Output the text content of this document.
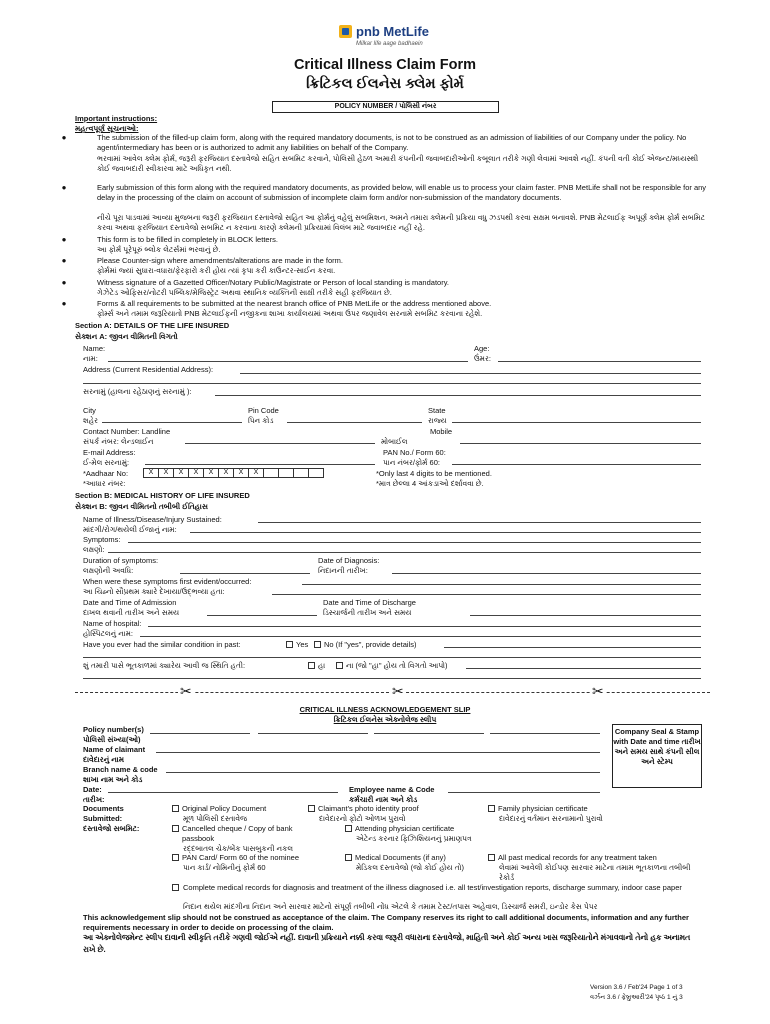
pnb MetLife
Milkar life aage badhaein
Critical Illness Claim Form
ક્રિટિકલ ઈલનેસ ક્લેમ ફોર્મ
POLICY NUMBER / પોલિસી નંબર
Important instructions:
મહત્વપૂર્ણ સૂચનાઓ:
●	The submission of the filled-up claim form, along with the required mandatory documents, is not to be construed as an admission of liabilities of our Company under the policy. No agent/intermediary has been or is authorized to admit any liabilities on behalf of the Company.
ભરવામાં આવેલ ક્લેમ ફોર્મ, જરૂરી ફરજિયાત દસ્તાવેજો સહિત સબમિટ કરવાને, પોલિસી હેઠળ અમારી કંપનીની જવાબદારીઓની કબૂલાત તરીકે ગણી લેવામાં આવશે નહીં. કંપની વતી કોઈ એજન્ટ/મધ્યસ્થી કોઈ જવાબદારી સ્વીકારવા માટે અધિકૃત નથી.
●	Early submission of this form along with the required mandatory documents, as provided below, will enable us to process your claim faster. PNB MetLife shall not be responsible for any delay in the processing of the claim on account of submission of incomplete claim form and/or non-submission of the mandatory documents.
નીચે પૂરા પાડવામાં આવ્યા મુજબના જરૂરી ફરજિયાત દસ્તાવેજો સહિત આ ફોર્મનું વહેલું સબમિશન, અમને તમારા ક્લેમની પ્રક્રિયા વધુ ઝડપથી કરવા સક્ષમ બનાવશે. PNB મેટલાઈફ અપૂર્ણ ક્લેમ ફોર્મ સબમિટ કરવા અથવા ફરજિયાત દસ્તાવેજો સબમિટ ન કરવાના કારણે ક્લેમની પ્રક્રિયામાં વિલંબ માટે જવાબદાર નહીં રહે.
●	This form is to be filled in completely in BLOCK letters.
આ ફોર્મ પૂરેપૂરું બ્લોક લેટર્સમાં ભરવાનું છે.
●	Please Counter-sign where amendments/alterations are made in the form.
ફોર્મમાં જ્યાં સુધારા-વધારા/ફેરફારો કરી હોય ત્યાં કૃપા કરી કાઉન્ટર-સાઈન કરવા.
●	Witness signature of a Gazetted Officer/Notary Public/Magistrate or Person of local standing is mandatory.
ગેઝેટેડ ઓફિસર/નોટરી પબ્લિક/મેજિસ્ટ્રેટ અથવા સ્થાનિક વ્યક્તિની સાક્ષી તરીકે સહી ફરજિયાત છે.
●	Forms & all requirements to be submitted at the nearest branch office of PNB MetLife or the address mentioned above.
ફોર્મ્સ અને તમામ જરૂરિયાતો PNB મેટલાઈફની નજીકના શાખા કાર્યાલયમાં અથવા ઉપર જણાવેલ સરનામે સબમિટ કરવાના રહેશે.
Section A: DETAILS OF THE LIFE INSURED
સેક્શન A: જીવન વીમિતની વિગતો
Name:
નામ:
Age:
ઉંમર:
Address (Current Residential Address):
સરનામું (હાલના રહેઠાણનું સરનામું ):
City
શહેર
Pin Code
પિન કોડ
State
રાજ્ય
Contact Number: Landline
સંપર્ક નંબર: લેન્ડલાઈન
Mobile
મોબાઈલ
E-mail Address:
ઈ-મેલ સરનામું:
PAN No./ Form 60:
પાન નંબર/ફોર્મ 60:
*Aadhaar No:
*આધાર નંબર:
X X X X X X X X	*Only last 4 digits to be mentioned.
*માત્ર છેલ્લા 4 આંકડાઓ દર્શાવવા છે.
Section B: MEDICAL HISTORY OF LIFE INSURED
સેક્શન B: જીવન વીમિતનો તબીબી ઈતિહાસ
Name of Illness/Disease/Injury Sustained:
માંદગી/રોગ/થયેલી ઈજાનું નામ:
Symptoms:
લક્ષણો:
Duration of symptoms:
લક્ષણોની અવધિ:
Date of Diagnosis:
નિદાનની તારીખ:
When were these symptoms first evident/occurred:
આ ચિહ્નો સૌપ્રથમ ક્યારે દેખાયા/ઉદ્ભવ્યા હતા:
Date and Time of Admission
દાખલ થવાની તારીખ અને સમય
Date and Time of Discharge
ડિસ્ચાર્જની તારીખ અને સમય
Name of hospital:
હોસ્પિટલનું નામ:
Have you ever had the similar condition in past:	Yes	No (If "yes", provide details)
શું તમારી પાસે ભૂતકાળમાં ક્યારેય આવી જ સ્થિતિ હતી:	હા	ના (જો "હા" હોય તો વિગતો આપો)
✂	✂	✂
CRITICAL ILLNESS ACKNOWLEDGEMENT SLIP
ક્રિટિકલ ઈલનેસ એક્નોલેજ સ્લીપ
Policy number(s)
પોલિસી સંખ્યા(ઓ)
Name of claimant
દાવેદારનું નામ
Branch name & code
શાખા નામ અને કોડ
Date:
તારીખ:
Employee name & Code
કર્મચારી નામ અને કોડ
Company Seal & Stamp with Date and time તારીખ અને સમય સાથે કંપની સીલ અને સ્ટેમ્પ
Documents
Submitted:
દસ્તાવેજો સબમિટ:
Original Policy Document
મૂળ પોલિસી દસ્તાવેજ
Claimant's photo identity proof
દાવેદારનો ફોટો ઓળખ પુરાવો
Family physician certificate
દાવેદારનું વર્તમાન સરનામાનો પુરાવો
Cancelled cheque / Copy of bank passbook
રદ્દબાતલ ચેક/બેંક પાસબુકની નકલ
Attending physician certificate
એટેન્ડ કરનાર ફિઝિશિયનનું પ્રમાણપત્ર
PAN Card/ Form 60 of the nominee
પાન કાર્ડ/ નોમિનીનું ફોર્મ 60
Medical Documents (if any)
મેડિકલ દસ્તાવેજો (જો કોઈ હોય તો)
All past medical records for any treatment taken
લેવામાં આવેલી કોઈપણ સારવાર માટેના તમામ ભૂતકાળના તબીબી રેકોર્ડ
Complete medical records for diagnosis and treatment of the illness diagnosed i.e. all test/investigation reports, discharge summary, indoor case paper
નિદાન થયેલ માંદગીના નિદાન અને સારવાર માટેનો સંપૂર્ણ તબીબી નોંધ એટલે કે તમામ ટેસ્ટ/તપાસ અહેવાલ, ડિસ્ચાર્જ સમરી, ઇન્ડોર કેસ પેપર
This acknowledgement slip should not be construed as acceptance of the claim. The Company reserves its right to call additional documents, information and any further requirements necessary in order to decide on processing of the claim.
આ એક્નોલેજમેન્ટ સ્લીપ દાવાની સ્વીકૃતિ તરીકે ગણવી જોઈએ નહીં. દાવાની પ્રક્રિયાને નક્કી કરવા જરૂરી વધારાના દસ્તાવેજો, માહિતી અને કોઈ અન્ય ખાસ જરૂરિયાતોને મંગાવવાનો તેનો હક અનામત રાખે છે.
Version 3.6 / Feb'24 Page 1 of 3
વર્ઝન 3.6 / ફેબ્રુઆરી'24 પૃષ્ઠ 1 નું 3
